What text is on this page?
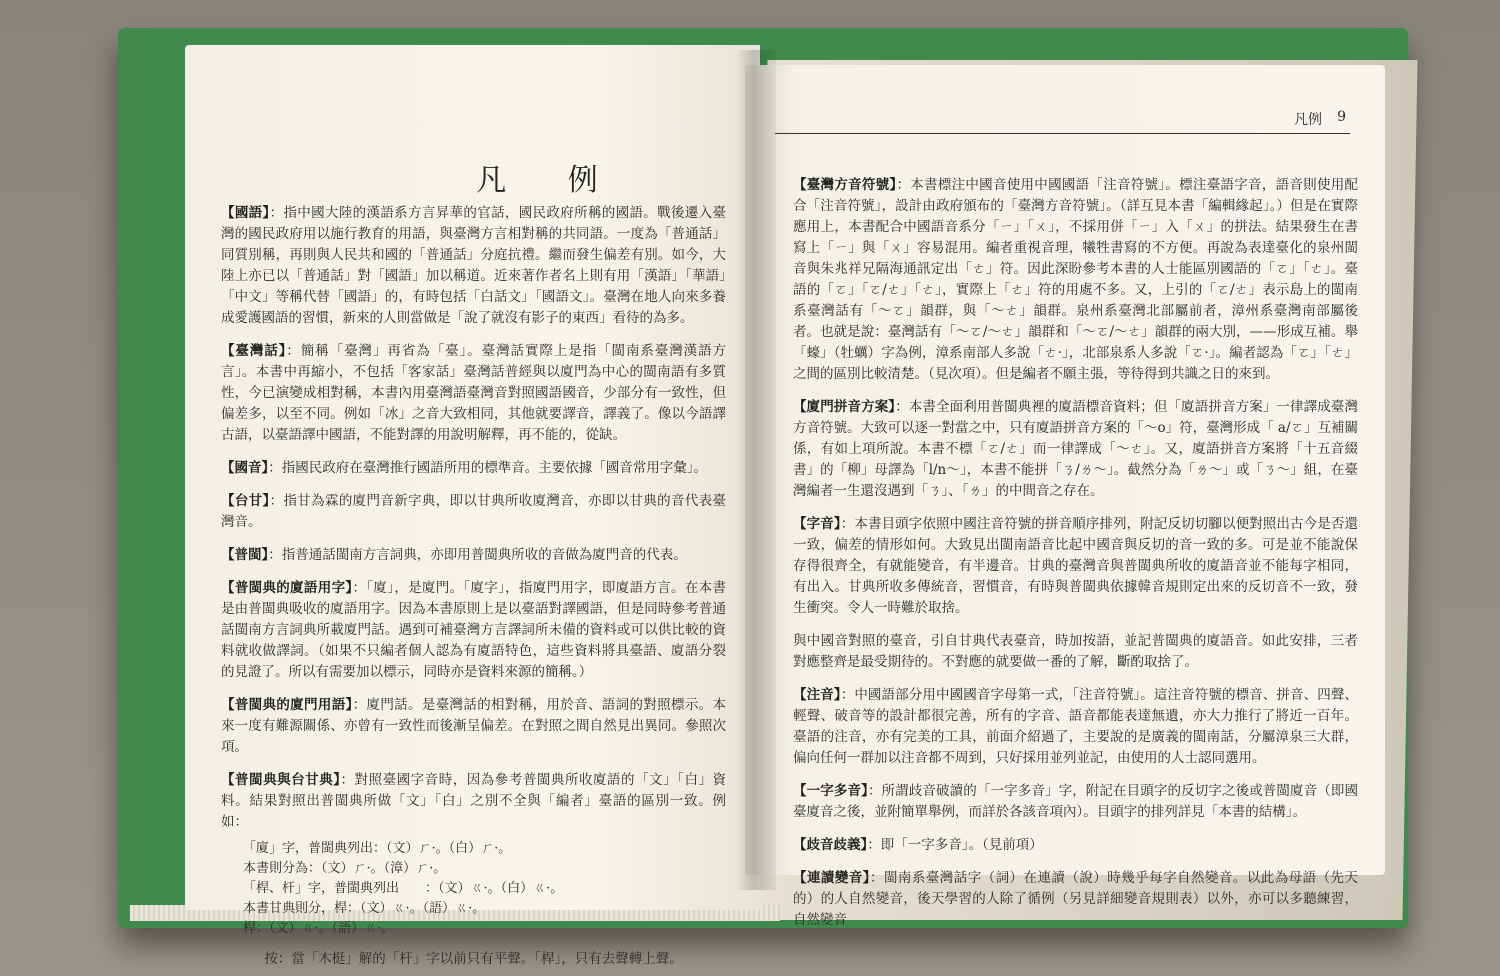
凡 例
【國語】：指中國大陸的漢語系方言昇華的官話，國民政府所稱的國語。戰後遷入臺灣的國民政府用以施行教育的用語，與臺灣方言相對稱的共同語。一度為「普通話」同質別稱，再則與人民共和國的「普通話」分庭抗禮。繼而發生偏差有別。如今，大陸上亦已以「普通話」對「國語」加以稱道。近來著作者名上則有用「漢語」「華語」「中文」等稱代替「國語」的，有時包括「白話文」「國語文」。臺灣在地人向來多養成愛護國語的習慣，新來的人則當做是「說了就沒有影子的東西」看待的為多。
【臺灣話】：簡稱「臺灣」再省為「臺」。臺灣話實際上是指「閩南系臺灣漢語方言」。本書中再縮小，不包括「客家話」臺灣話普經與以廈門為中心的閩南語有多質性，今已演變成相對稱，本書內用臺灣語臺灣音對照國語國音，少部分有一致性，但偏差多，以至不同。例如「冰」之音大致相同，其他就要譯音，譯義了。像以今語譯古語，以臺語譯中國語，不能對譯的用說明解釋，再不能的，從缺。
【國音】：指國民政府在臺灣推行國語所用的標準音。主要依據「國音常用字彙」。
【台甘】：指甘為霖的廈門音新字典，即以甘典所收廈灣音，亦即以甘典的音代表臺灣音。
【普閩】：指普通話閩南方言詞典，亦即用普閩典所收的音做為廈門音的代表。
【普閩典的廈語用字】：「廈」，是廈門。「廈字」，指廈門用字，即廈語方言。在本書是由普閩典吸收的廈語用字。因為本書原則上是以臺語對譯國語，但是同時參考普通話閩南方言詞典所載廈門話。遇到可補臺灣方言譯詞所未備的資料或可以供比較的資料就收做譯詞。（如果不只編者個人認為有廈語特色，這些資料將具臺語、廈語分裂的見證了。所以有需要加以標示，同時亦是資料來源的簡稱。）
【普閩典的廈門用語】：廈門話。是臺灣話的相對稱，用於音、語詞的對照標示。本來一度有難源關係、亦曾有一致性而後漸呈偏差。在對照之間自然見出異同。參照次項。
【普閩典與台甘典】：對照臺國字音時，因為參考普閩典所收廈語的「文」「白」資料。結果對照出普閩典所做「文」「白」之別不全與「編者」臺語的區別一致。例如：
「廈」字，普閩典列出：（文）ㄏ·。（白）ㄏ·。
本書則分為：（文）ㄏ·。（漳）ㄏ·。
「桿、杆」字，普閩典列出　　：（文）ㄍ·。（白）ㄍ·。
本書甘典則分，桿：（文）ㄍ·。（語）ㄍ·。
桿：（文）ㄍ·。（語）ㄍ·。
按：當「木梃」解的「杆」字以前只有平聲。「桿」，只有去聲轉上聲。
凡例 9
【臺灣方音符號】：本書標注中國音使用中國國語「注音符號」。標注臺語字音，語音則使用配合「注音符號」，設計由政府頒布的「臺灣方音符號」。（詳互見本書「編輯緣起」。）但是在實際應用上，本書配合中國語音系分「ㄧ」「ㄨ」，不採用併「ㄧ」入「ㄨ」的拼法。結果發生在書寫上「ㄧ」與「ㄨ」容易混用。編者重視音理，犧牲書寫的不方便。再說為表達臺化的泉州閩音與朱兆祥兄隔海通訊定出「ㄜ」符。因此深盼參考本書的人士能區別國語的「ㄛ」「ㄜ」。臺語的「ㄛ」「ㄛ/ㄜ」「ㄜ」，實際上「ㄜ」符的用處不多。又，上引的「ㄛ/ㄜ」表示島上的閩南系臺灣話有「～ㄛ」韻群，與「～ㄜ」韻群。泉州系臺灣北部屬前者，漳州系臺灣南部屬後者。也就是說：臺灣話有「～ㄛ/～ㄜ」韻群和「～ㄛ/～ㄜ」韻群的兩大別，——形成互補。舉「蠔」（牡蠣）字為例，漳系南部人多說「ㄜ·」，北部泉系人多說「ㄛ·」。編者認為「ㄛ」「ㄜ」之間的區別比較清楚。（見次項）。但是編者不願主張，等待得到共識之日的來到。
【廈門拼音方案】：本書全面利用普閩典裡的廈語標音資料；但「廈語拼音方案」一律譯成臺灣方音符號。大致可以逐一對當之中，只有廈語拼音方案的「～o」符，臺灣形成「 a/ㄛ」互補關係，有如上項所說。本書不標「ㄛ/ㄜ」而一律譯成「～ㄜ」。又，廈語拼音方案將「十五音綴書」的「柳」母譯為「l/n～」，本書不能拼「ㄋ/ㄌ～」。截然分為「ㄌ～」或「ㄋ～」組，在臺灣編者一生還沒遇到「ㄋ」、「ㄌ」的中間音之存在。
【字音】：本書目頭字依照中國注音符號的拼音順序排列，附記反切切腳以便對照出古今是否還一致，偏差的情形如何。大致見出閩南語音比起中國音與反切的音一致的多。可是並不能說保存得很齊全，有就能變音，有半邊音。甘典的臺灣音與普閩典所收的廈語音並不能每字相同，有出入。甘典所收多傳統音，習慣音，有時與普閩典依據韓音規則定出來的反切音不一致，發生衝突。令人一時難於取捨。
與中國音對照的臺音，引自甘典代表臺音，時加按語，並記普閩典的廈語音。如此安排，三者對應整齊是最受期待的。不對應的就要做一番的了解，斷酌取捨了。
【注音】：中國語部分用中國國音字母第一式，「注音符號」。這注音符號的標音、拼音、四聲、輕聲、破音等的設計都很完善，所有的字音、語音都能表達無遺，亦大力推行了將近一百年。臺語的注音，亦有完美的工具，前面介紹過了，主要說的是廣義的閩南話，分屬漳泉三大群，偏向任何一群加以注音都不周到，只好採用並列並記，由使用的人士認同選用。
【一字多音】：所謂歧音破讀的「一字多音」字，附記在目頭字的反切字之後或普閩廈音（即國臺廈音之後，並附簡單舉例，而詳於各該音項內）。目頭字的排列詳見「本書的結構」。
【歧音歧義】：即「一字多音」。（見前項）
【連讀變音】：閩南系臺灣話字（詞）在連讀（說）時幾乎每字自然變音。以此為母語（先天的）的人自然變音，後天學習的人除了循例（另見詳細變音規則表）以外，亦可以多聽練習，自然變音
